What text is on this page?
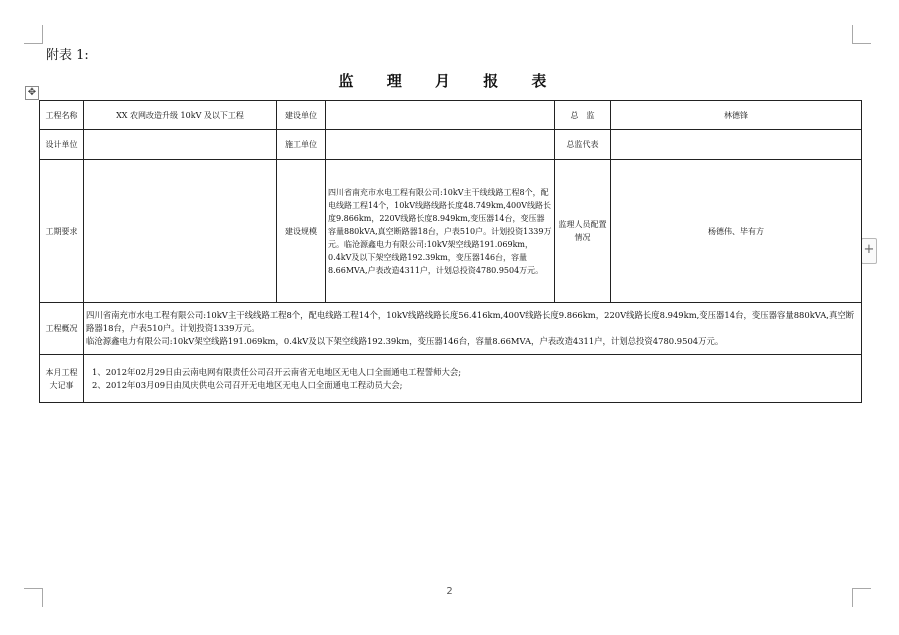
附表 1:
监 理 月 报 表
✥
+
工程名称	XX 农网改造升级 10kV 及以下工程	建设单位		总　监	林德锋
设计单位		施工单位		总监代表	
工期要求		建设规模	四川省南充市水电工程有限公司:10kV主干线线路工程8个，配电线路工程14个，10kV线路线路长度48.749km,400V线路长度9.866km，220V线路长度8.949km,变压器14台，变压器容量880kVA,真空断路器18台，户表510户。计划投资1339万元。临沧源鑫电力有限公司:10kV架空线路191.069km，0.4kV及以下架空线路192.39km，变压器146台，容量8.66MVA,户表改造4311户，计划总投资4780.9504万元。	监理人员配置情况	杨德伟、毕有方
工程概况	四川省南充市水电工程有限公司:10kV主干线线路工程8个，配电线路工程14个，10kV线路线路长度56.416km,400V线路长度9.866km，220V线路长度8.949km,变压器14台，变压器容量880kVA,真空断路器18台，户表510户。计划投资1339万元。
临沧源鑫电力有限公司:10kV架空线路191.069km，0.4kV及以下架空线路192.39km，变压器146台，容量8.66MVA，户表改造4311户，计划总投资4780.9504万元。				
本月工程大记事	1、2012年02月29日由云南电网有限责任公司召开云南省无电地区无电人口全面通电工程誓师大会;
2、2012年03月09日由凤庆供电公司召开无电地区无电人口全面通电工程动员大会;				
2
